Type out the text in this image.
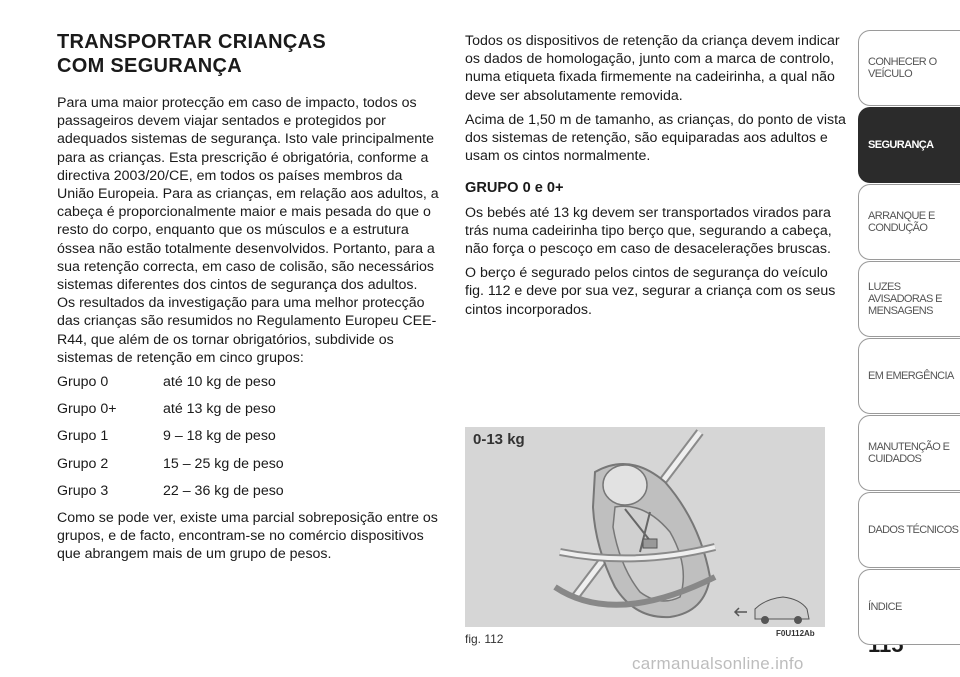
TRANSPORTAR CRIANÇAS
COM SEGURANÇA

Para uma maior protecção em caso de impacto, todos os passageiros devem viajar sentados e protegidos por adequados sistemas de segurança. Isto vale principalmente para as crianças. Esta prescrição é obrigatória, conforme a directiva 2003/20/CE, em todos os países membros da União Europeia. Para as crianças, em relação aos adultos, a cabeça é proporcionalmente maior e mais pesada do que o resto do corpo, enquanto que os músculos e a estrutura óssea não estão totalmente desenvolvidos. Portanto, para a sua retenção correcta, em caso de colisão, são necessários sistemas diferentes dos cintos de segurança dos adultos. Os resultados da investigação para uma melhor protecção das crianças são resumidos no Regulamento Europeu CEE-R44, que além de os tornar obrigatórios, subdivide os sistemas de retenção em cinco grupos:

Grupo 0	até 10 kg de peso
Grupo 0+	até 13 kg de peso
Grupo 1	9 – 18 kg de peso
Grupo 2	15 – 25 kg de peso
Grupo 3	22 – 36 kg de peso

Como se pode ver, existe uma parcial sobreposição entre os grupos, e de facto, encontram-se no comércio dispositivos que abrangem mais de um grupo de pesos.

Todos os dispositivos de retenção da criança devem indicar os dados de homologação, junto com a marca de controlo, numa etiqueta fixada firmemente na cadeirinha, a qual não deve ser absolutamente removida.

Acima de 1,50 m de tamanho, as crianças, do ponto de vista dos sistemas de retenção, são equiparadas aos adultos e usam os cintos normalmente.

GRUPO 0 e 0+

Os bebés até 13 kg devem ser transportados virados para trás numa cadeirinha tipo berço que, segurando a cabeça, não força o pescoço em caso de desacelerações bruscas.

O berço é segurado pelos cintos de segurança do veículo fig. 112 e deve por sua vez, segurar a criança com os seus cintos incorporados.

0-13 kg
fig. 112	F0U112Ab
CONHECER O VEÍCULO
SEGURANÇA
ARRANQUE E CONDUÇÃO
LUZES AVISADORAS E MENSAGENS
EM EMERGÊNCIA
MANUTENÇÃO E CUIDADOS
DADOS TÉCNICOS
ÍNDICE
carmanualsonline.info
